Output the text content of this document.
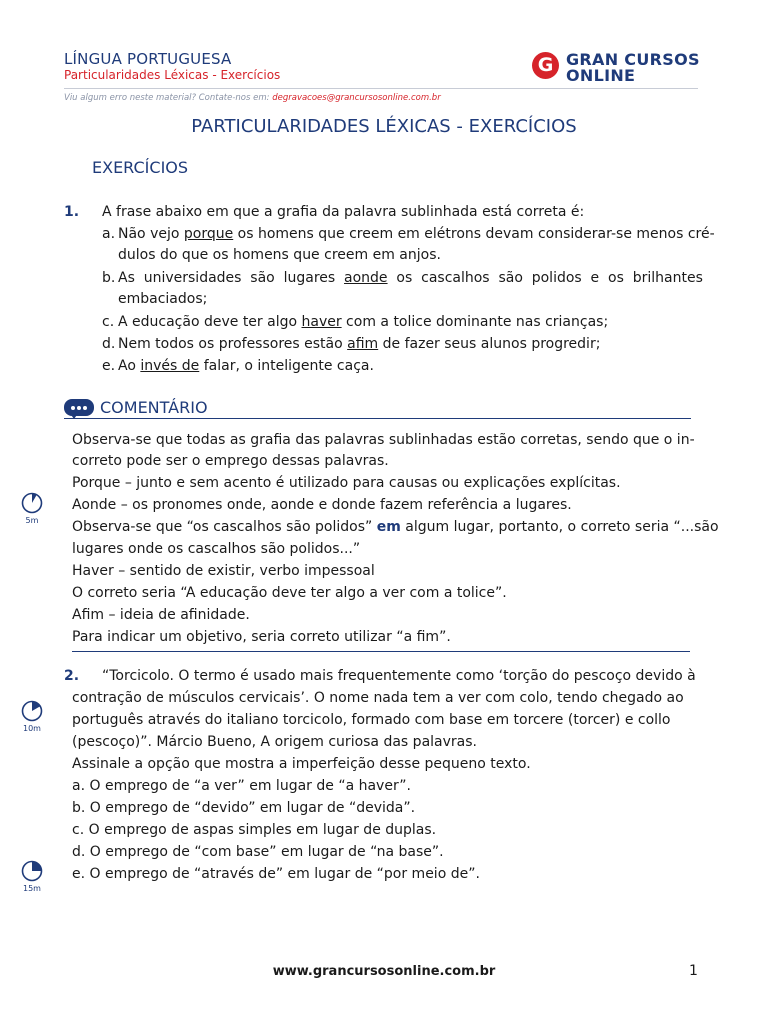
LÍNGUA PORTUGUESA
Particularidades Léxicas - Exercícios
Viu algum erro neste material? Contate-nos em: degravacoes@grancursosonline.com.br
G GRAN CURSOS
ONLINE
PARTICULARIDADES LÉXICAS - EXERCÍCIOS
EXERCÍCIOS
1. A frase abaixo em que a grafia da palavra sublinhada está correta é:
a. Não vejo porque os homens que creem em elétrons devam considerar-se menos cré-
dulos do que os homens que creem em anjos.
b. As universidades são lugares aonde os cascalhos são polidos e os brilhantes
embaciados;
c. A educação deve ter algo haver com a tolice dominante nas crianças;
d. Nem todos os professores estão afim de fazer seus alunos progredir;
e. Ao invés de falar, o inteligente caça.
COMENTÁRIO
Observa-se que todas as grafia das palavras sublinhadas estão corretas, sendo que o in-
correto pode ser o emprego dessas palavras.
Porque – junto e sem acento é utilizado para causas ou explicações explícitas.
Aonde – os pronomes onde, aonde e donde fazem referência a lugares.
Observa-se que “os cascalhos são polidos” em algum lugar, portanto, o correto seria “...são
lugares onde os cascalhos são polidos...”
Haver – sentido de existir, verbo impessoal
O correto seria “A educação deve ter algo a ver com a tolice”.
Afim – ideia de afinidade.
Para indicar um objetivo, seria correto utilizar “a fim”.
2. “Torcicolo. O termo é usado mais frequentemente como ‘torção do pescoço devido à
contração de músculos cervicais’. O nome nada tem a ver com colo, tendo chegado ao
português através do italiano torcicolo, formado com base em torcere (torcer) e collo
(pescoço)”. Márcio Bueno, A origem curiosa das palavras.
Assinale a opção que mostra a imperfeição desse pequeno texto.
a. O emprego de “a ver” em lugar de “a haver”.
b. O emprego de “devido” em lugar de “devida”.
c. O emprego de aspas simples em lugar de duplas.
d. O emprego de “com base” em lugar de “na base”.
e. O emprego de “através de” em lugar de “por meio de”.
5m
10m
15m
www.grancursosonline.com.br	1
